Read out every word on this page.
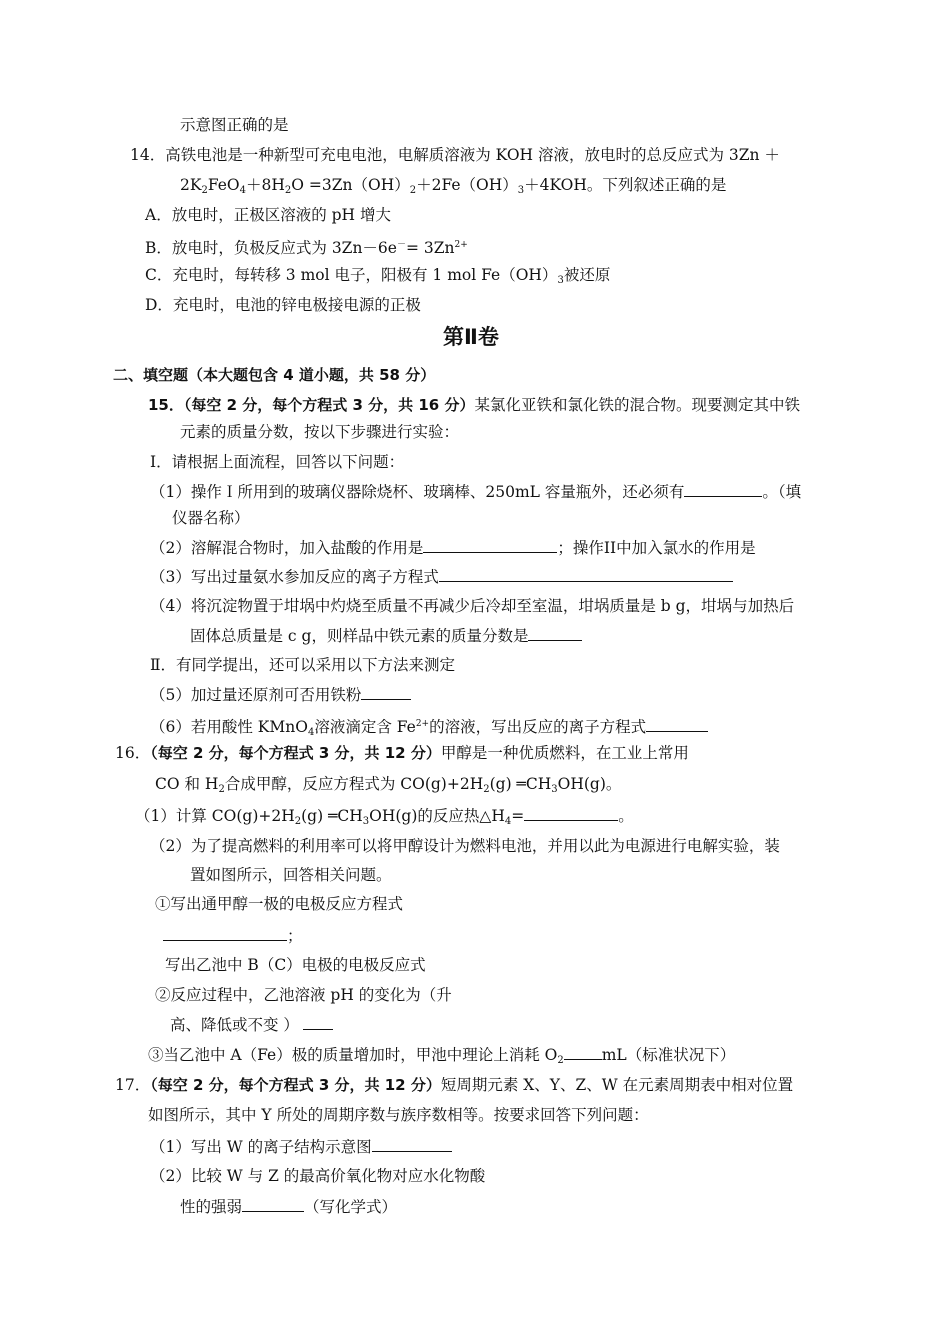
示意图正确的是
14．高铁电池是一种新型可充电电池，电解质溶液为 KOH 溶液，放电时的总反应式为 3Zn ＋
$2K_2FeO_4+8H_2O =3Zn(OH)_2+2Fe(OH)_3+4KOH$。下列叙述正确的是
A．放电时，正极区溶液的 pH 增大
B．放电时，负极反应式为 $3Zn-6e^-= 3Zn^{2+}$
C．充电时，每转移 3 mol 电子，阳极有 1 mol $Fe(OH)_3$被还原
D．充电时，电池的锌电极接电源的正极
第Ⅱ卷
二、填空题（本大题包含 4 道小题，共 58 分）
15．（每空 2 分，每个方程式 3 分，共 16 分）某氯化亚铁和氯化铁的混合物。现要测定其中铁
元素的质量分数，按以下步骤进行实验：
Ⅰ．请根据上面流程，回答以下问题：
（1）操作Ｉ所用到的玻璃仪器除烧杯、玻璃棒、250mL 容量瓶外，还必须有	。（填
仪器名称）
（2）溶解混合物时，加入盐酸的作用是	；操作II中加入氯水的作用是
（3）写出过量氨水参加反应的离子方程式
（4）将沉淀物置于坩埚中灼烧至质量不再减少后冷却至室温，坩埚质量是 b g，坩埚与加热后
固体总质量是 c g，则样品中铁元素的质量分数是
Ⅱ．有同学提出，还可以采用以下方法来测定
（5）加过量还原剂可否用铁粉
（6）若用酸性 KMnO$_4$溶液滴定含 $Fe^{2+}$的溶液，写出反应的离子方程式
16．（每空 2 分，每个方程式 3 分，共 12 分）甲醇是一种优质燃料，在工业上常用
CO 和 $H_2$合成甲醇，反应方程式为 $CO(g)+2H_2(g)$ $═CH_3OH(g)$。
（1）计算 $CO(g)+2H_2(g)$ $═CH_3OH(g)$的反应热$\triangle H_4=$	。
（2）为了提高燃料的利用率可以将甲醇设计为燃料电池，并用以此为电源进行电解实验，装
置如图所示，回答相关问题。
①写出通甲醇一极的电极反应方程式
；
写出乙池中 B（C）电极的电极反应式
②反应过程中，乙池溶液 pH 的变化为（升
高、降低或不变 ）
③当乙池中 A（Fe）极的质量增加时，甲池中理论上消耗 $O_2$ mL（标准状况下）
17．（每空 2 分，每个方程式 3 分，共 12 分）短周期元素 X、Y、Z、W 在元素周期表中相对位置
如图所示，其中 Y 所处的周期序数与族序数相等。按要求回答下列问题：
（1）写出 W 的离子结构示意图
（2）比较 W 与 Z 的最高价氧化物对应水化物酸
性的强弱	（写化学式）
